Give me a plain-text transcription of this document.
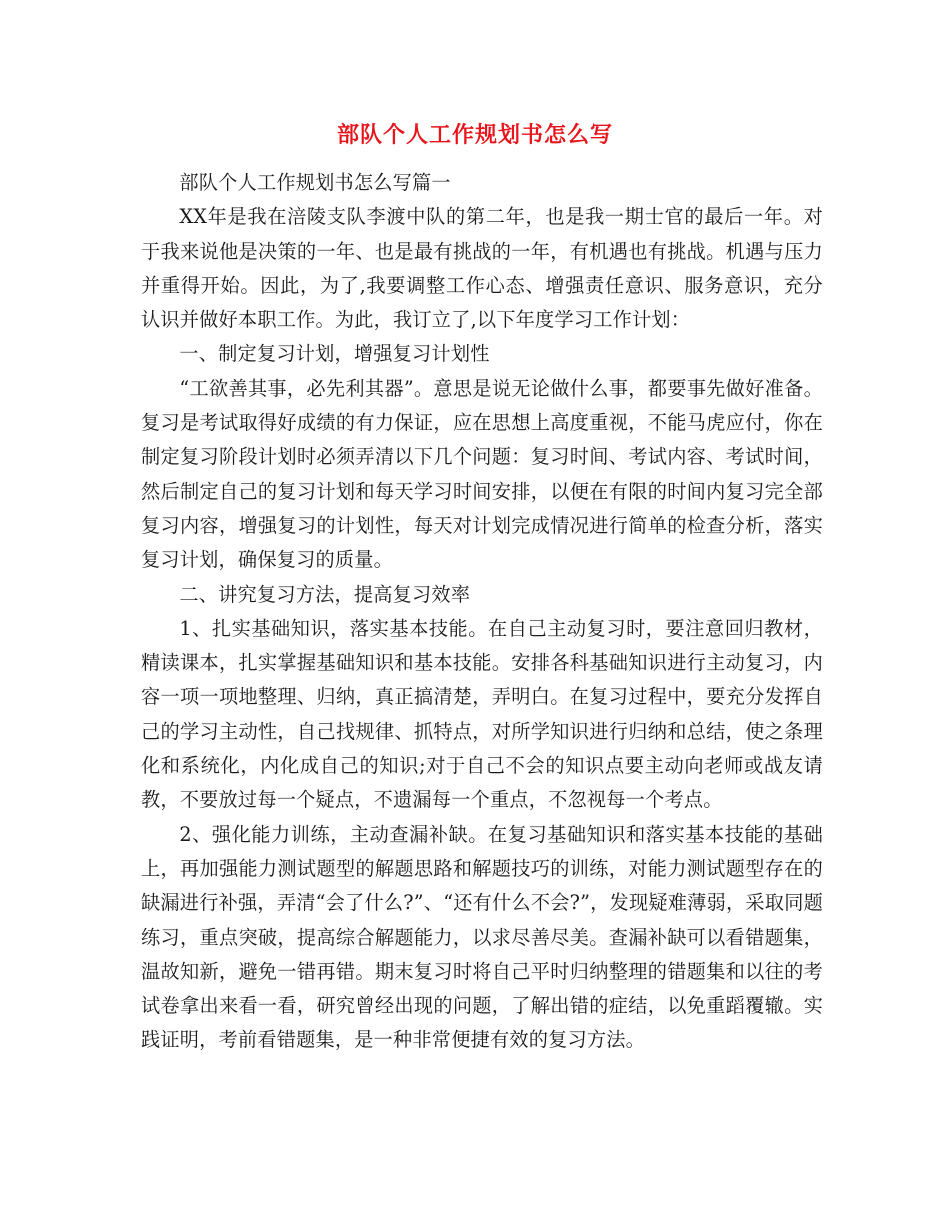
部队个人工作规划书怎么写

部队个人工作规划书怎么写篇一

XX年是我在涪陵支队李渡中队的第二年，也是我一期士官的最后一年。对于我来说他是决策的一年、也是最有挑战的一年，有机遇也有挑战。机遇与压力并重得开始。因此，为了,我要调整工作心态、增强责任意识、服务意识，充分认识并做好本职工作。为此，我订立了,以下年度学习工作计划：

一、制定复习计划，增强复习计划性

“工欲善其事，必先利其器”。意思是说无论做什么事，都要事先做好准备。复习是考试取得好成绩的有力保证，应在思想上高度重视，不能马虎应付，你在制定复习阶段计划时必须弄清以下几个问题：复习时间、考试内容、考试时间，然后制定自己的复习计划和每天学习时间安排，以便在有限的时间内复习完全部复习内容，增强复习的计划性，每天对计划完成情况进行简单的检查分析，落实复习计划，确保复习的质量。

二、讲究复习方法，提高复习效率

1、扎实基础知识，落实基本技能。在自己主动复习时，要注意回归教材，精读课本，扎实掌握基础知识和基本技能。安排各科基础知识进行主动复习，内容一项一项地整理、归纳，真正搞清楚，弄明白。在复习过程中，要充分发挥自己的学习主动性，自己找规律、抓特点，对所学知识进行归纳和总结，使之条理化和系统化，内化成自己的知识;对于自己不会的知识点要主动向老师或战友请教，不要放过每一个疑点，不遗漏每一个重点，不忽视每一个考点。

2、强化能力训练，主动查漏补缺。在复习基础知识和落实基本技能的基础上，再加强能力测试题型的解题思路和解题技巧的训练，对能力测试题型存在的缺漏进行补强，弄清“会了什么?”、“还有什么不会?”，发现疑难薄弱，采取同题练习，重点突破，提高综合解题能力，以求尽善尽美。查漏补缺可以看错题集，温故知新，避免一错再错。期末复习时将自己平时归纳整理的错题集和以往的考试卷拿出来看一看，研究曾经出现的问题，了解出错的症结，以免重蹈覆辙。实践证明，考前看错题集，是一种非常便捷有效的复习方法。
